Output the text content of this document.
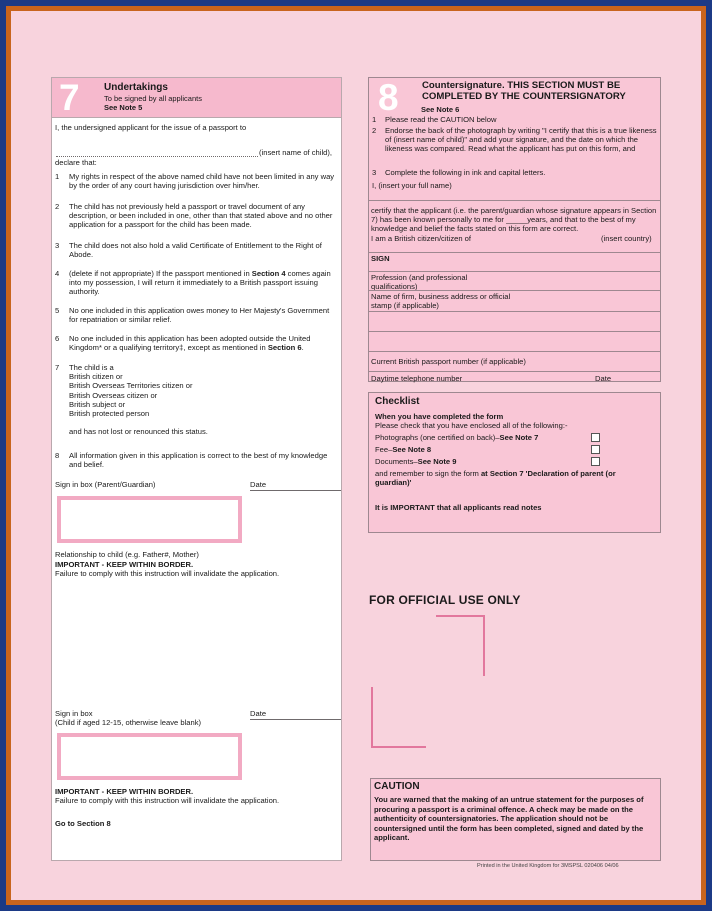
7 Undertakings
To be signed by all applicants
See Note 5
I, the undersigned applicant for the issue of a passport to
(insert name of child),
declare that:
1 My rights in respect of the above named child have not been limited in any way by the order of any court having jurisdiction over him/her.
2 The child has not previously held a passport or travel document of any description, or been included in one, other than that stated above and no other application for a passport for the child has been made.
3 The child does not also hold a valid Certificate of Entitlement to the Right of Abode.
4 (delete if not appropriate) If the passport mentioned in Section 4 comes again into my possession, I will return it immediately to a British passport issuing authority.
5 No one included in this application owes money to Her Majesty's Government for repatriation or similar relief.
6 No one included in this application has been adopted outside the United Kingdom* or a qualifying territory‡, except as mentioned in Section 6.
7 The child is a
British citizen or
British Overseas Territories citizen or
British Overseas citizen or
British subject or
British protected person
and has not lost or renounced this status.
8 All information given in this application is correct to the best of my knowledge and belief.
Sign in box (Parent/Guardian)	Date
Relationship to child (e.g. Father#, Mother)
IMPORTANT - KEEP WITHIN BORDER.
Failure to comply with this instruction will invalidate the application.
Sign in box
(Child if aged 12-15, otherwise leave blank)
Date
IMPORTANT - KEEP WITHIN BORDER.
Failure to comply with this instruction will invalidate the application.
Go to Section 8
8 Countersignature. THIS SECTION MUST BE COMPLETED BY THE COUNTERSIGNATORY
See Note 6
1 Please read the CAUTION below
2 Endorse the back of the photograph by writing "I certify that this is a true likeness of (insert name of child)" and add your signature, and the date on which the likeness was compared. Read what the applicant has put on this form, and
3 Complete the following in ink and capital letters.
I, (insert your full name)
certify that the applicant (i.e. the parent/guardian whose signature appears in Section 7) has been known personally to me for _____years, and that to the best of my knowledge and belief the facts stated on this form are correct.
I am a British citizen/citizen of	(insert country)
SIGN
Profession (and professional qualifications)
Name of firm, business address or official stamp (if applicable)
Current British passport number (if applicable)
Daytime telephone number	Date
Checklist
When you have completed the form
Please check that you have enclosed all of the following:-
Photographs (one certified on back)–See Note 7
Fee–See Note 8
Documents–See Note 9
and remember to sign the form at Section 7 'Declaration of parent (or guardian)'
It is IMPORTANT that all applicants read notes
FOR OFFICIAL USE ONLY
CAUTION
You are warned that the making of an untrue statement for the purposes of procuring a passport is a criminal offence. A check may be made on the authenticity of countersignatories. The application should not be countersigned until the form has been completed, signed and dated by the applicant.
Printed in the United Kingdom for 3MSPSL 020406 04/06
